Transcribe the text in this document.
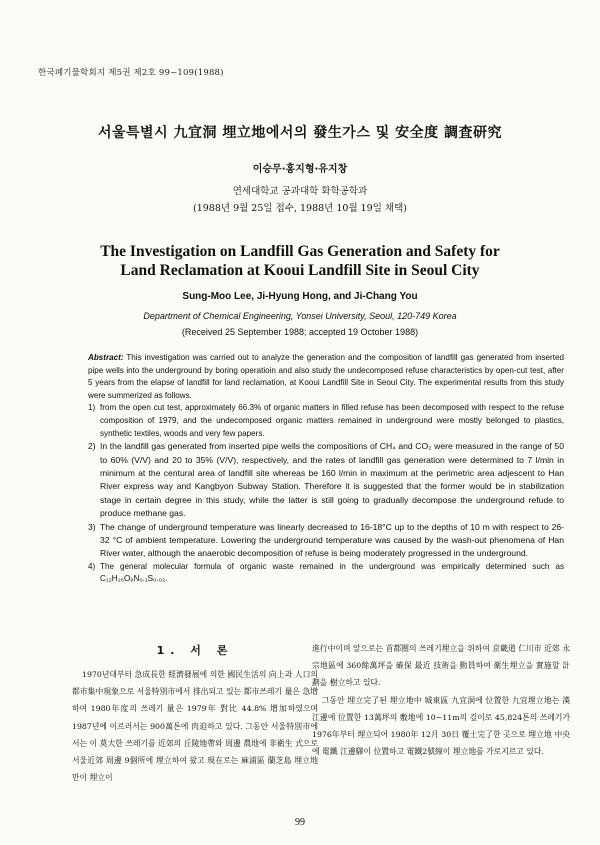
한국폐기물학회지 제5권 제2호 99~109(1988)
서울특별시 九宜洞 埋立地에서의 發生가스 및 安全度 調査研究
이승무·홍지형·유지창
연세대학교 공과대학 화학공학과
(1988년 9월 25일 접수, 1988년 10월 19일 채택)
The Investigation on Landfill Gas Generation and Safety for
Land Reclamation at Kooui Landfill Site in Seoul City
Sung-Moo Lee, Ji-Hyung Hong, and Ji-Chang You
Department of Chemical Engineering, Yonsei University, Seoul, 120-749 Korea
(Received 25 September 1988; accepted 19 October 1988)

Abstract: This investigation was carried out to analyze the generation and the composition of landfill gas generated from inserted pipe wells into the underground by boring operatioin and also study the undecomposed refuse characteristics by open-cut test, after 5 years from the elapse of landfill for land reclamation, at Kooui Landfill Site in Seoul City. The experimental results from this study were summerized as follows.

1) from the open cut test, approximately 66.3% of organic matters in filled refuse has been decomposed with respect to the refuse composition of 1979, and the undecomposed organic matters remained in underground were mostly belonged to plastics, synthetic textiles, woods and very few papers.

2) In the landfill gas generated from inserted pipe wells the compositions of CH₄ and CO₂ were measured in the range of 50 to 60% (V/V) and 20 to 35% (V/V), respectively, and the rates of landfill gas generation were determined to 7 l/min in minimum at the centural area of landfill site whereas be 160 l/min in maximum at the perimetric area adjescent to Han River express way and Kangbyon Subway Station. Therefore it is suggested that the former would be in stabilization stage in certain degree in this study, while the latter is still going to gradually decompose the underground refude to produce methane gas.

3) The change of underground temperature was linearly decreased to 16-18°C up to the depths of 10 m with respect to 26-32 °C of ambient temperature. Lowering the underground temperature was caused by the wash-out phenomena of Han River water, although the anaerobic decomposition of refuse is being moderately progressed in the underground.

4) The general molecular formula of organic waste remained in the underground was empirically determined such as C₁₂H₂₆O₉N₀.₁S₀.₀₂.

1. 서 론

1970년대부터 急成長한 經濟發展에 의한 國民生活의 向上과 人口의 都市集中現象으로 서울特別市에서 排出되고 있는 都市쓰레기 量은 急增하여 1980年度의 쓰레기 量은 1979年 對比 44.8% 增加하였으며 1987년에 이르러서는 900萬톤에 肉迫하고 있다. 그동안 서울特別市에서는 이 莫大한 쓰레기를 近郊의 丘陵地帶와 周邊 農地에 非衛生 式으로 서울近郊 周邊 9個所에 埋立하여 왔고 現在로는 麻浦區 蘭芝島 埋立地만이 埋立이

進行中이며 앞으로는 首都圈의 쓰레기埋立을 위하여 京畿道 仁川市 近郊 永宗地區에 360餘萬坪을 確保 最近 技術을 動員하여 衛生埋立을 實施할 計劃을 樹立하고 있다.

그동안 埋立完了된 埋立地中 城東區 九宜洞에 位置한 九宜埋立地는 漢江邊에 位置한 13萬坪의 敷地에 10~11m의 깊이로 45,824톤의 쓰레기가 1976年부터 埋立되어 1980年 12月 30日 覆土完了한 곳으로 埋立地 中央에 電鐵 江邊驛이 位置하고 電鐵2號線이 埋立地를 가로지르고 있다.

99
